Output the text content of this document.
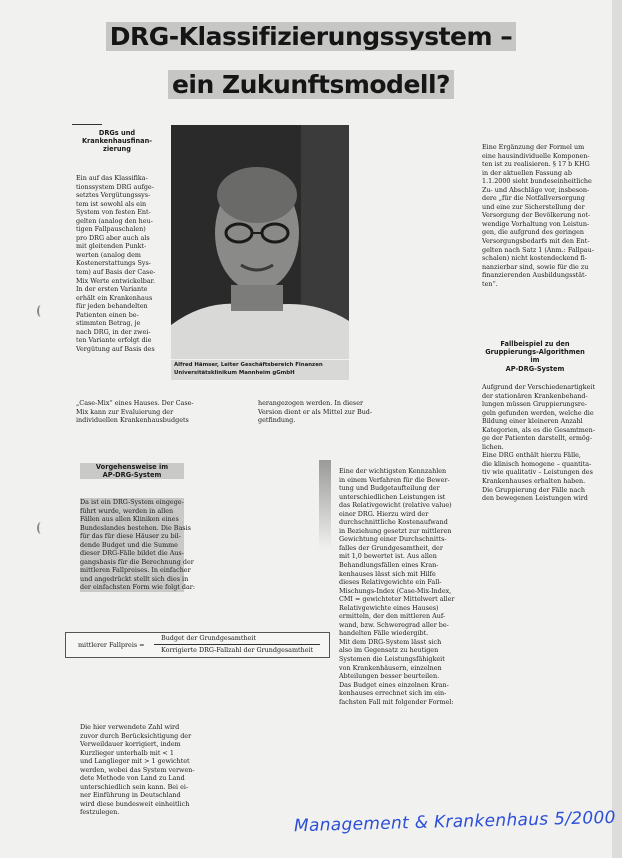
DRG-Klassifizierungssystem –
ein Zukunftsmodell?
DRGs und
Krankenhausfinan-
zierung
Ein auf das Klassifika-
tionssystem DRG aufge-
setztes Vergütungssys-
tem ist sowohl als ein
System von festen Ent-
gelten (analog den heu-
tigen Fallpauschalen)
pro DRG aber auch als
mit gleitenden Punkt-
werten (analog dem
Kostenerstattungs Sys-
tem) auf Basis der Case-
Mix Werte entwickelbar.
In der ersten Variante
erhält ein Krankenhaus
für jeden behandelten
Patienten einen be-
stimmten Betrag, je
nach DRG, in der zwei-
ten Variante erfolgt die
Vergütung auf Basis des
„Case-Mix“ eines Hauses. Der Case-
Mix kann zur Evaluierung der
individuellen Krankenhausbudgets
Alfred Hämser, Leiter Geschäftsbereich Finanzen Universitätsklinikum Mannheim gGmbH
herangezogen werden. In dieser
Version dient er als Mittel zur Bud-
getfindung.
Eine Ergänzung der Formel um
eine hausindividuelle Komponen-
ten ist zu realisieren. § 17 b KHG
in der aktuellen Fassung ab
1.1.2000 sieht bundeseinheitliche
Zu- und Abschläge vor, insbeson-
dere „für die Notfallversorgung
und eine zur Sicherstellung der
Versorgung der Bevölkerung not-
wendige Vorhaltung von Leistun-
gen, die aufgrund des geringen
Versorgungsbedarfs mit den Ent-
gelten nach Satz 1 (Anm.: Fallpau-
schalen) nicht kostendeckend fi-
nanzierbar sind, sowie für die zu
finanzierenden Ausbildungsstät-
ten“.
Fallbeispiel zu den
Gruppierungs-Algorithmen im
AP-DRG-System
Aufgrund der Verschiedenartigkeit
der stationären Krankenbehand-
lungen müssen Gruppierungsre-
geln gefunden werden, welche die
Bildung einer kleineren Anzahl
Kategorien, als es die Gesamtmen-
ge der Patienten darstellt, ermög-
lichen.
Eine DRG enthält hierzu Fälle,
die klinisch homogene – quantita-
tiv wie qualitativ – Leistungen des
Krankenhauses erhalten haben.
Die Gruppierung der Fälle nach
den bewegenen Leistungen wird
Vorgehensweise im
AP-DRG-System
Da ist ein DRG-System eingege-
führt wurde, werden in allen
Fällen aus allen Kliniken eines
Bundeslandes bestehen. Die Basis
für das für diese Häuser zu bil-
dende Budget und die Summe
dieser DRG-Fälle bildet die Aus-
gangsbasis für die Berechnung der
mittleren Fallpreises. In einfacher
und angedrückt stellt sich dies in
der einfachsten Form wie folgt dar:
mittlerer Fallpreis =
Budget der Grundgesamtheit
Korrigierte DRG-Fallzahl der Grundgesamtheit
Die hier verwendete Zahl wird
zuvor durch Berücksichtigung der
Verweildauer korrigiert, indem
Kurzlieger unterhalb mit < 1
und Langlieger mit > 1 gewichtet
werden, wobei das System verwen-
dete Methode von Land zu Land
unterschiedlich sein kann. Bei ei-
ner Einführung in Deutschland
wird diese bundesweit einheitlich
festzulegen.
Eine der wichtigsten Kennzahlen
in einem Verfahren für die Bewer-
tung und Budgetaufteilung der
unterschiedlichen Leistungen ist
das Relativgewicht (relative value)
einer DRG. Hierzu wird der
durchschnittliche Kostenaufwand
in Beziehung gesetzt zur mittleren
Gewichtung einer Durchschnitts-
falles der Grundgesamtheit, der
mit 1,0 bewertet ist. Aus allen
Behandlungsfällen eines Kran-
kenhauses lässt sich mit Hilfe
dieses Relativgewichte ein Fall-
Mischungs-Index (Case-Mix-Index,
CMI = gewichteter Mittelwert aller
Relativgewichte eines Hauses)
ermitteln, der den mittleren Auf-
wand, bzw. Schweregrad aller be-
handelten Fälle wiedergibt.
Mit dem DRG-System lässt sich
also im Gegensatz zu heutigen
Systemen die Leistungsfähigkeit
von Krankenhäusern, einzelnen
Abteilungen besser beurteilen.
Das Budget eines einzelnen Kran-
kenhauses errechnet sich im ein-
fachsten Fall mit folgender Formel:
Management & Krankenhaus 5/2000
